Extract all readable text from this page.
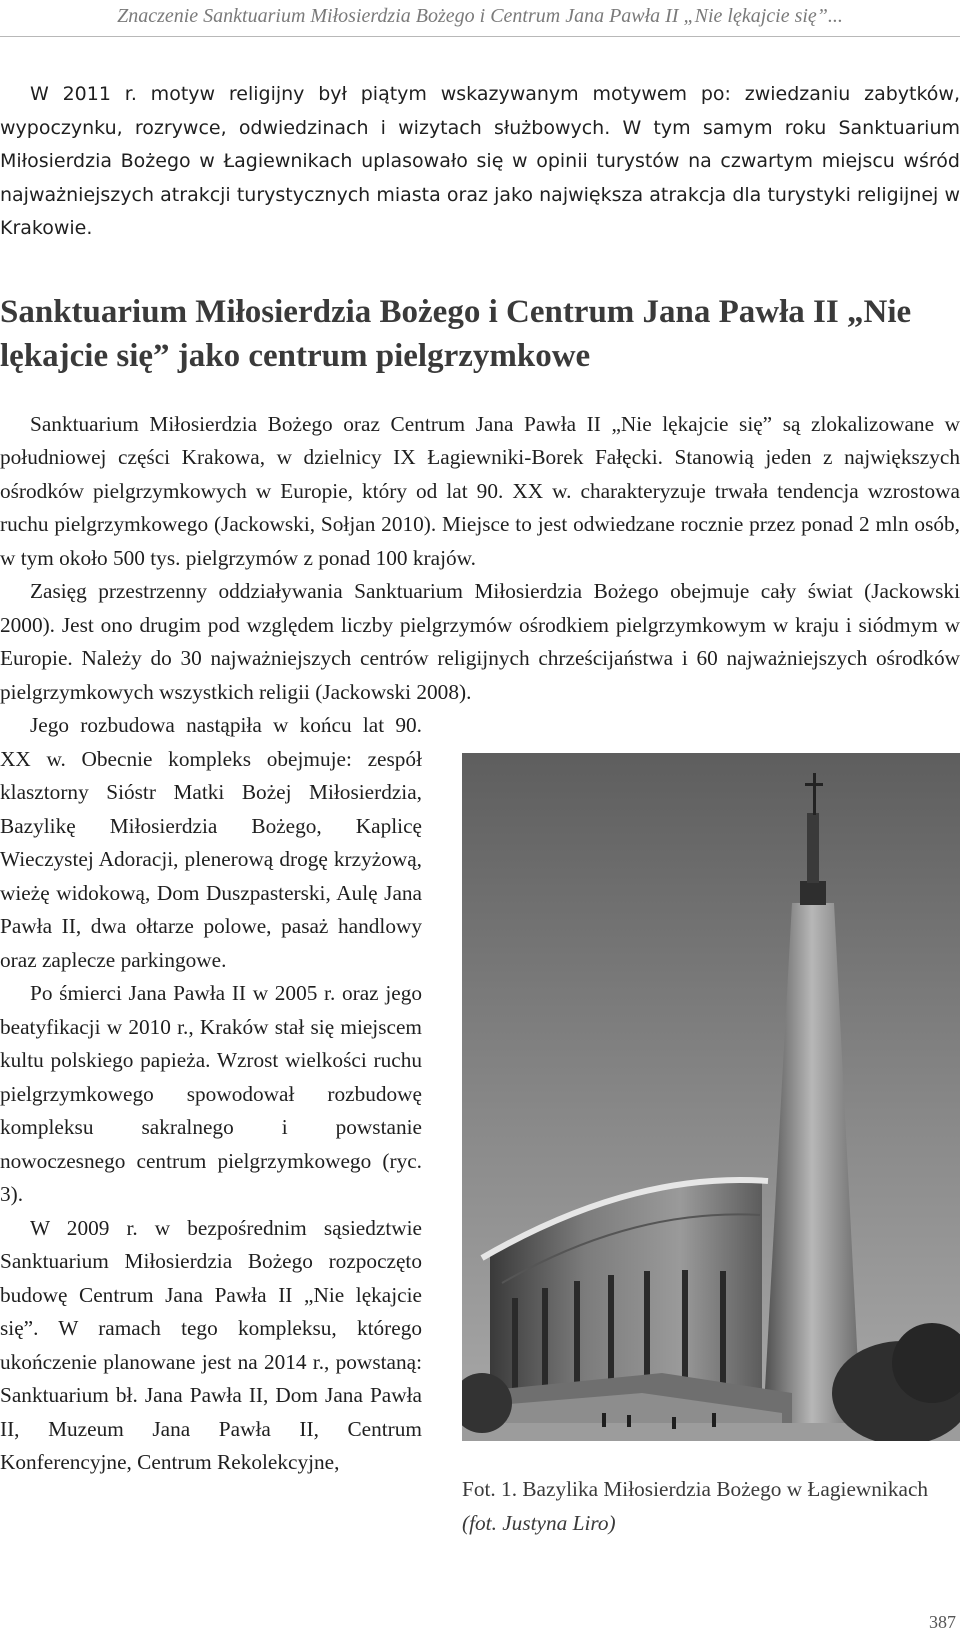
Znaczenie Sanktuarium Miłosierdzia Bożego i Centrum Jana Pawła II „Nie lękajcie się”...

W 2011 r. motyw religijny był piątym wskazywanym motywem po: zwiedzaniu zabytków, wypoczynku, rozrywce, odwiedzinach i wizytach służbowych. W tym samym roku Sanktuarium Miłosierdzia Bożego w Łagiewnikach uplasowało się w opinii turystów na czwartym miejscu wśród najważniejszych atrakcji turystycznych miasta oraz jako największa atrakcja dla turystyki religijnej w Krakowie.

Sanktuarium Miłosierdzia Bożego i Centrum Jana Pawła II „Nie lękajcie się” jako centrum pielgrzymkowe

Sanktuarium Miłosierdzia Bożego oraz Centrum Jana Pawła II „Nie lękajcie się” są zlokalizowane w południowej części Krakowa, w dzielnicy IX Łagiewniki-Borek Fałęcki. Stanowią jeden z największych ośrodków pielgrzymkowych w Europie, który od lat 90. XX w. charakteryzuje trwała tendencja wzrostowa ruchu pielgrzymkowego (Jackowski, Sołjan 2010). Miejsce to jest odwiedzane rocznie przez ponad 2 mln osób, w tym około 500 tys. pielgrzymów z ponad 100 krajów.

Zasięg przestrzenny oddziaływania Sanktuarium Miłosierdzia Bożego obejmuje cały świat (Jackowski 2000). Jest ono drugim pod względem liczby pielgrzymów ośrodkiem pielgrzymkowym w kraju i siódmym w Europie. Należy do 30 najważniejszych centrów religijnych chrześcijaństwa i 60 najważniejszych ośrodków pielgrzymkowych wszystkich religii (Jackowski 2008).

Jego rozbudowa nastąpiła w końcu lat 90. XX w. Obecnie kompleks obejmuje: zespół klasztorny Sióstr Matki Bożej Miłosierdzia, Bazylikę Miłosierdzia Bożego, Kaplicę Wieczystej Adoracji, plenerową drogę krzyżową, wieżę widokową, Dom Duszpasterski, Aulę Jana Pawła II, dwa ołtarze polowe, pasaż handlowy oraz zaplecze parkingowe.

Po śmierci Jana Pawła II w 2005 r. oraz jego beatyfikacji w 2010 r., Kraków stał się miejscem kultu polskiego papieża. Wzrost wielkości ruchu pielgrzymkowego spowodował rozbudowę kompleksu sakralnego i powstanie nowoczesnego centrum pielgrzymkowego (ryc. 3).

W 2009 r. w bezpośrednim sąsiedztwie Sanktuarium Miłosierdzia Bożego rozpoczęto budowę Centrum Jana Pawła II „Nie lękajcie się”. W ramach tego kompleksu, którego ukończenie planowane jest na 2014 r., powstaną: Sanktuarium bł. Jana Pawła II, Dom Jana Pawła II, Muzeum Jana Pawła II, Centrum Konferencyjne, Centrum Rekolekcyjne,

Fot. 1. Bazylika Miłosierdzia Bożego w Łagiewnikach (fot. Justyna Liro)
387
